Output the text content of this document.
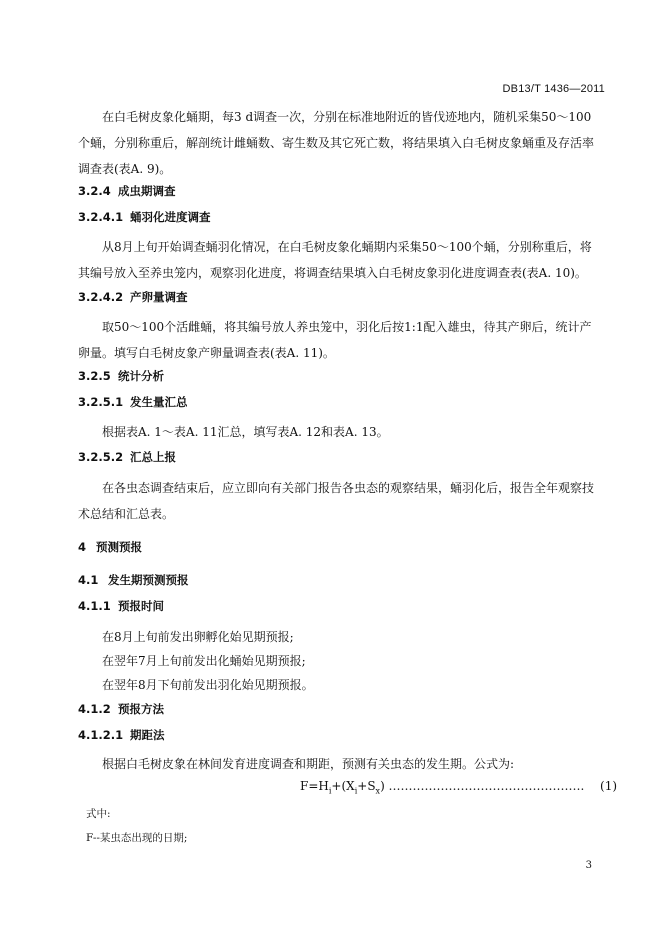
DB13/T 1436—2011
在白毛树皮象化蛹期，每3 d调查一次，分别在标准地附近的皆伐迹地内，随机采集50～100个蛹，分别称重后，解剖统计雌蛹数、寄生数及其它死亡数，将结果填入白毛树皮象蛹重及存活率调查表(表A. 9)。
3.2.4 成虫期调查
3.2.4.1 蛹羽化进度调查
从8月上旬开始调查蛹羽化情况，在白毛树皮象化蛹期内采集50～100个蛹，分别称重后，将其编号放入至养虫笼内，观察羽化进度，将调查结果填入白毛树皮象羽化进度调查表(表A. 10)。
3.2.4.2 产卵量调查
取50～100个活雌蛹，将其编号放人养虫笼中，羽化后按1:1配入雄虫，待其产卵后，统计产卵量。填写白毛树皮象产卵量调查表(表A. 11)。
3.2.5 统计分析
3.2.5.1 发生量汇总
根据表A. 1～表A. 11汇总，填写表A. 12和表A. 13。
3.2.5.2 汇总上报
在各虫态调查结束后，应立即向有关部门报告各虫态的观察结果，蛹羽化后，报告全年观察技术总结和汇总表。
4 预测预报
4.1 发生期预测预报
4.1.1 预报时间
在8月上旬前发出卵孵化始见期预报;
在翌年7月上旬前发出化蛹始见期预报;
在翌年8月下旬前发出羽化始见期预报。
4.1.2 预报方法
4.1.2.1 期距法
根据白毛树皮象在林间发育进度调查和期距，预测有关虫态的发生期。公式为:
$F=H_i+(X_i+S_x)$ …………………………………………. (1)
式中:
F--某虫态出现的日期;
3
